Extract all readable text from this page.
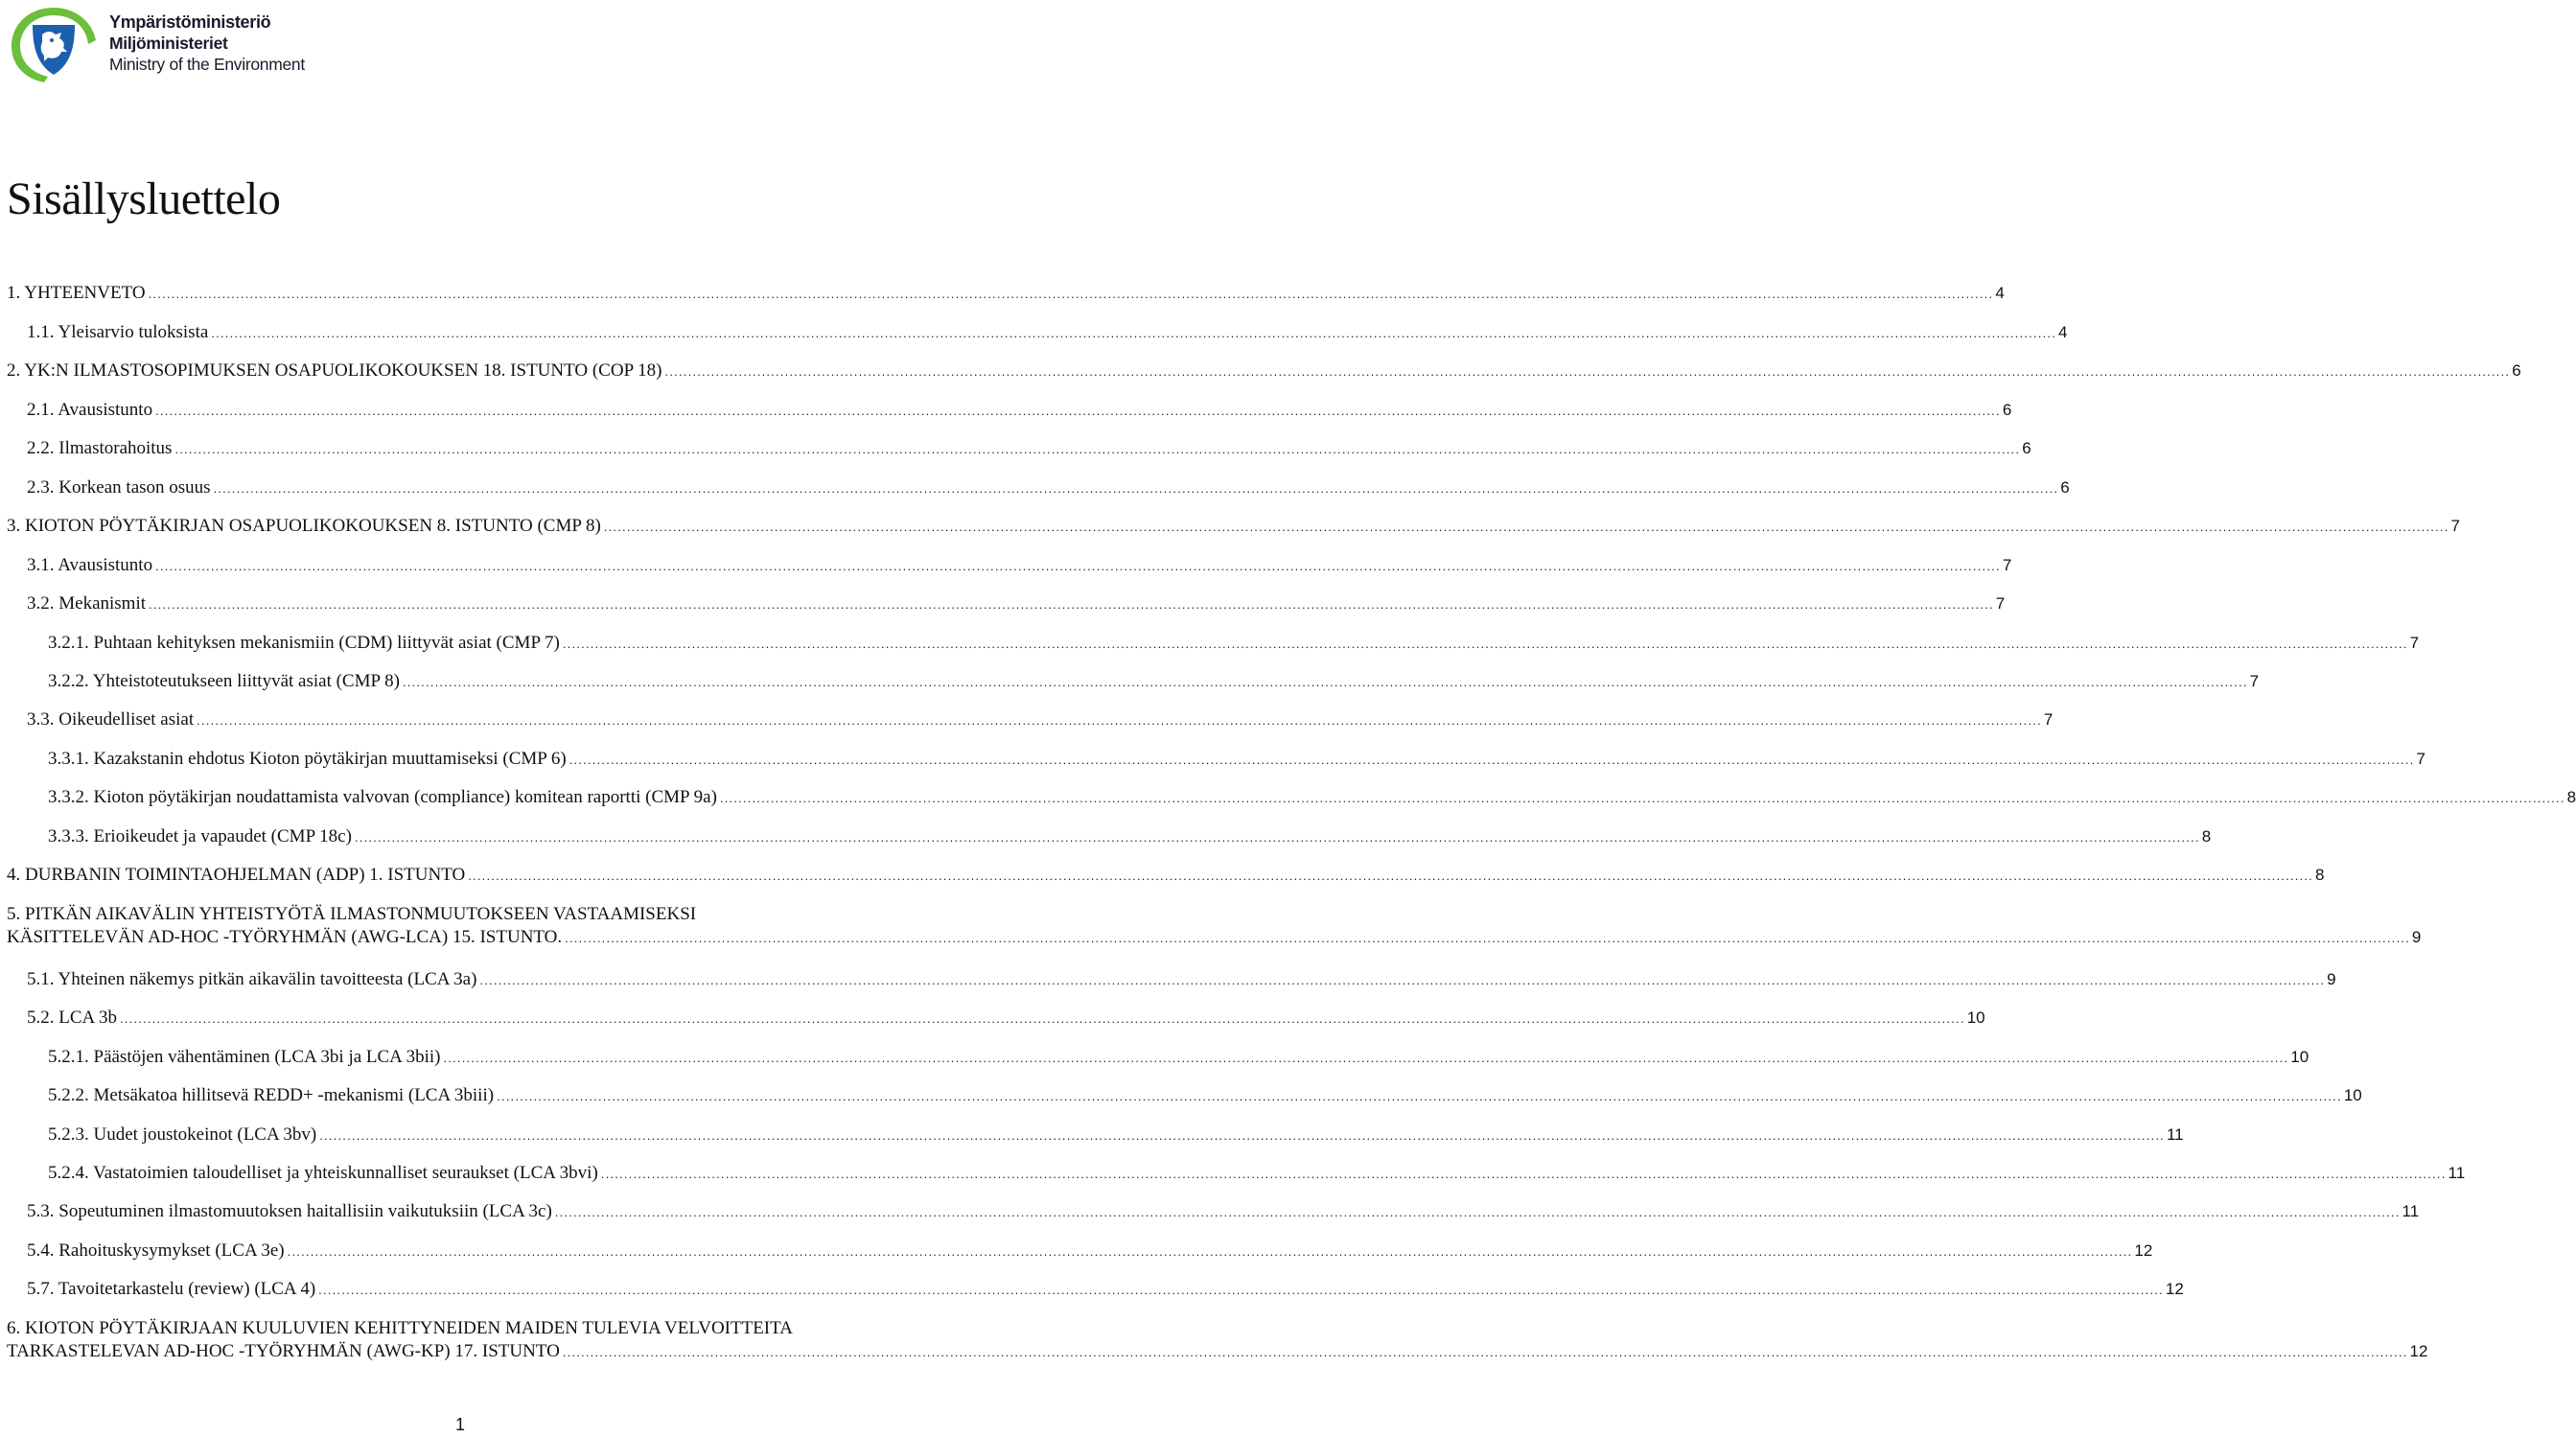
Ympäristöministeriö
Miljöministeriet
Ministry of the Environment
Sisällysluettelo
1. YHTEENVETO ................................................................................................................................................................................................................................................................................................................................................................................................................ 4
1.1. Yleisarvio tuloksista ................................................................................................................................................................................................................................................................................................................................................................................................................ 4
2. YK:N ILMASTOSOPIMUKSEN OSAPUOLIKOKOUKSEN 18. ISTUNTO (COP 18) ................................................................................................................................................................................................................................................................................................................................................................................................................ 6
2.1. Avausistunto ................................................................................................................................................................................................................................................................................................................................................................................................................ 6
2.2. Ilmastorahoitus ................................................................................................................................................................................................................................................................................................................................................................................................................ 6
2.3. Korkean tason osuus ................................................................................................................................................................................................................................................................................................................................................................................................................ 6
3. KIOTON PÖYTÄKIRJAN OSAPUOLIKOKOUKSEN 8. ISTUNTO (CMP 8) ................................................................................................................................................................................................................................................................................................................................................................................................................ 7
3.1. Avausistunto ................................................................................................................................................................................................................................................................................................................................................................................................................ 7
3.2. Mekanismit ................................................................................................................................................................................................................................................................................................................................................................................................................ 7
3.2.1. Puhtaan kehityksen mekanismiin (CDM) liittyvät asiat (CMP 7) ................................................................................................................................................................................................................................................................................................................................................................................................................ 7
3.2.2. Yhteistoteutukseen liittyvät asiat (CMP 8) ................................................................................................................................................................................................................................................................................................................................................................................................................ 7
3.3. Oikeudelliset asiat ................................................................................................................................................................................................................................................................................................................................................................................................................ 7
3.3.1. Kazakstanin ehdotus Kioton pöytäkirjan muuttamiseksi (CMP 6) ................................................................................................................................................................................................................................................................................................................................................................................................................ 7
3.3.2. Kioton pöytäkirjan noudattamista valvovan (compliance) komitean raportti (CMP 9a) ................................................................................................................................................................................................................................................................................................................................................................................................................ 8
3.3.3. Erioikeudet ja vapaudet (CMP 18c) ................................................................................................................................................................................................................................................................................................................................................................................................................ 8
4. DURBANIN TOIMINTAOHJELMAN (ADP) 1. ISTUNTO ................................................................................................................................................................................................................................................................................................................................................................................................................ 8
5. PITKÄN AIKAVÄLIN YHTEISTYÖTÄ ILMASTONMUUTOKSEEN VASTAAMISEKSI
KÄSITTELEVÄN AD-HOC -TYÖRYHMÄN (AWG-LCA) 15. ISTUNTO. ................................................................................................................................................................................................................................................................................................................................................................................................................ 9
5.1. Yhteinen näkemys pitkän aikavälin tavoitteesta (LCA 3a) ................................................................................................................................................................................................................................................................................................................................................................................................................ 9
5.2. LCA 3b ................................................................................................................................................................................................................................................................................................................................................................................................................ 10
5.2.1. Päästöjen vähentäminen (LCA 3bi ja LCA 3bii) ................................................................................................................................................................................................................................................................................................................................................................................................................ 10
5.2.2. Metsäkatoa hillitsevä REDD+ -mekanismi (LCA 3biii) ................................................................................................................................................................................................................................................................................................................................................................................................................ 10
5.2.3. Uudet joustokeinot (LCA 3bv) ................................................................................................................................................................................................................................................................................................................................................................................................................ 11
5.2.4. Vastatoimien taloudelliset ja yhteiskunnalliset seuraukset (LCA 3bvi) ................................................................................................................................................................................................................................................................................................................................................................................................................ 11
5.3. Sopeutuminen ilmastomuutoksen haitallisiin vaikutuksiin (LCA 3c) ................................................................................................................................................................................................................................................................................................................................................................................................................ 11
5.4. Rahoituskysymykset (LCA 3e) ................................................................................................................................................................................................................................................................................................................................................................................................................ 12
5.7. Tavoitetarkastelu (review) (LCA 4) ................................................................................................................................................................................................................................................................................................................................................................................................................ 12
6. KIOTON PÖYTÄKIRJAAN KUULUVIEN KEHITTYNEIDEN MAIDEN TULEVIA VELVOITTEITA
TARKASTELEVAN AD-HOC -TYÖRYHMÄN (AWG-KP) 17. ISTUNTO ................................................................................................................................................................................................................................................................................................................................................................................................................ 12
1
